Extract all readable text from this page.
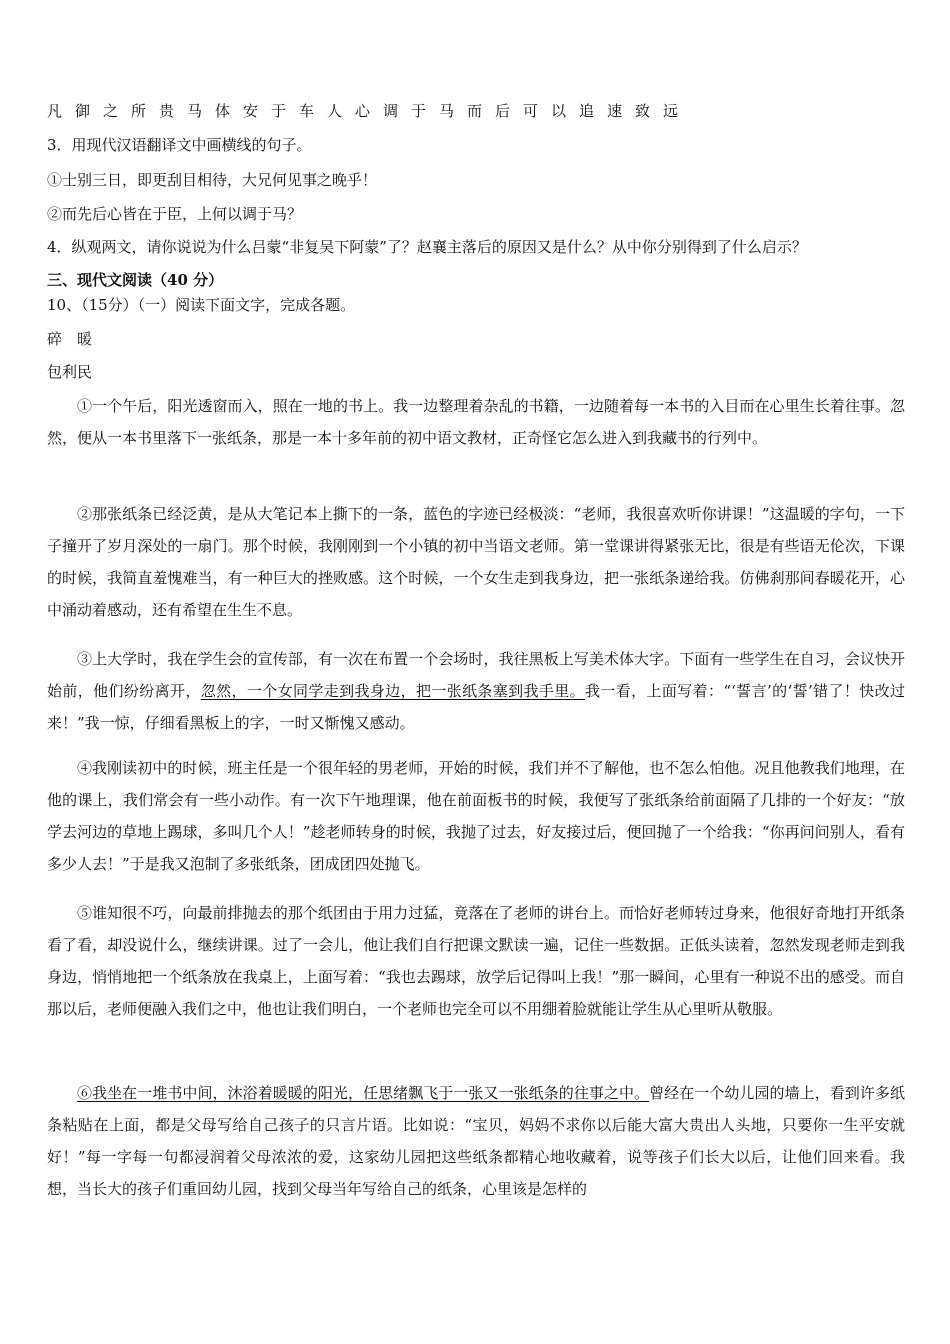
凡御之所贵马体安于车人心调于马而后可以追速致远
3．用现代汉语翻译文中画横线的句子。
①士别三日，即更刮目相待，大兄何见事之晚乎！
②而先后心皆在于臣，上何以调于马？
4．纵观两文，请你说说为什么吕蒙“非复吴下阿蒙”了？赵襄主落后的原因又是什么？从中你分别得到了什么启示？
三、现代文阅读（40 分）
10、（15分）（一）阅读下面文字，完成各题。
碎　暖
包利民
①一个午后，阳光透窗而入，照在一地的书上。我一边整理着杂乱的书籍，一边随着每一本书的入目而在心里生长着往事。忽然，便从一本书里落下一张纸条，那是一本十多年前的初中语文教材，正奇怪它怎么进入到我藏书的行列中。
②那张纸条已经泛黄，是从大笔记本上撕下的一条，蓝色的字迹已经极淡：“老师，我很喜欢听你讲课！”这温暖的字句，一下子撞开了岁月深处的一扇门。那个时候，我刚刚到一个小镇的初中当语文老师。第一堂课讲得紧张无比，很是有些语无伦次，下课的时候，我简直羞愧难当，有一种巨大的挫败感。这个时候，一个女生走到我身边，把一张纸条递给我。仿佛刹那间春暖花开，心中涌动着感动，还有希望在生生不息。
③上大学时，我在学生会的宣传部，有一次在布置一个会场时，我往黑板上写美术体大字。下面有一些学生在自习，会议快开始前，他们纷纷离开，忽然，一个女同学走到我身边，把一张纸条塞到我手里。我一看，上面写着：“‘誓言’的‘誓’错了！快改过来！”我一惊，仔细看黑板上的字，一时又惭愧又感动。
④我刚读初中的时候，班主任是一个很年轻的男老师，开始的时候，我们并不了解他，也不怎么怕他。况且他教我们地理，在他的课上，我们常会有一些小动作。有一次下午地理课，他在前面板书的时候，我便写了张纸条给前面隔了几排的一个好友：“放学去河边的草地上踢球，多叫几个人！”趁老师转身的时候，我抛了过去，好友接过后，便回抛了一个给我：“你再问问别人，看有多少人去！”于是我又泡制了多张纸条，团成团四处抛飞。
⑤谁知很不巧，向最前排抛去的那个纸团由于用力过猛，竟落在了老师的讲台上。而恰好老师转过身来，他很好奇地打开纸条看了看，却没说什么，继续讲课。过了一会儿，他让我们自行把课文默读一遍，记住一些数据。正低头读着，忽然发现老师走到我身边，悄悄地把一个纸条放在我桌上，上面写着：“我也去踢球，放学后记得叫上我！”那一瞬间，心里有一种说不出的感受。而自那以后，老师便融入我们之中，他也让我们明白，一个老师也完全可以不用绷着脸就能让学生从心里听从敬服。
⑥我坐在一堆书中间，沐浴着暖暖的阳光，任思绪飘飞于一张又一张纸条的往事之中。曾经在一个幼儿园的墙上，看到许多纸条粘贴在上面，都是父母写给自己孩子的只言片语。比如说：“宝贝，妈妈不求你以后能大富大贵出人头地，只要你一生平安就好！”每一字每一句都浸润着父母浓浓的爱，这家幼儿园把这些纸条都精心地收藏着，说等孩子们长大以后，让他们回来看。我想，当长大的孩子们重回幼儿园，找到父母当年写给自己的纸条，心里该是怎样的
